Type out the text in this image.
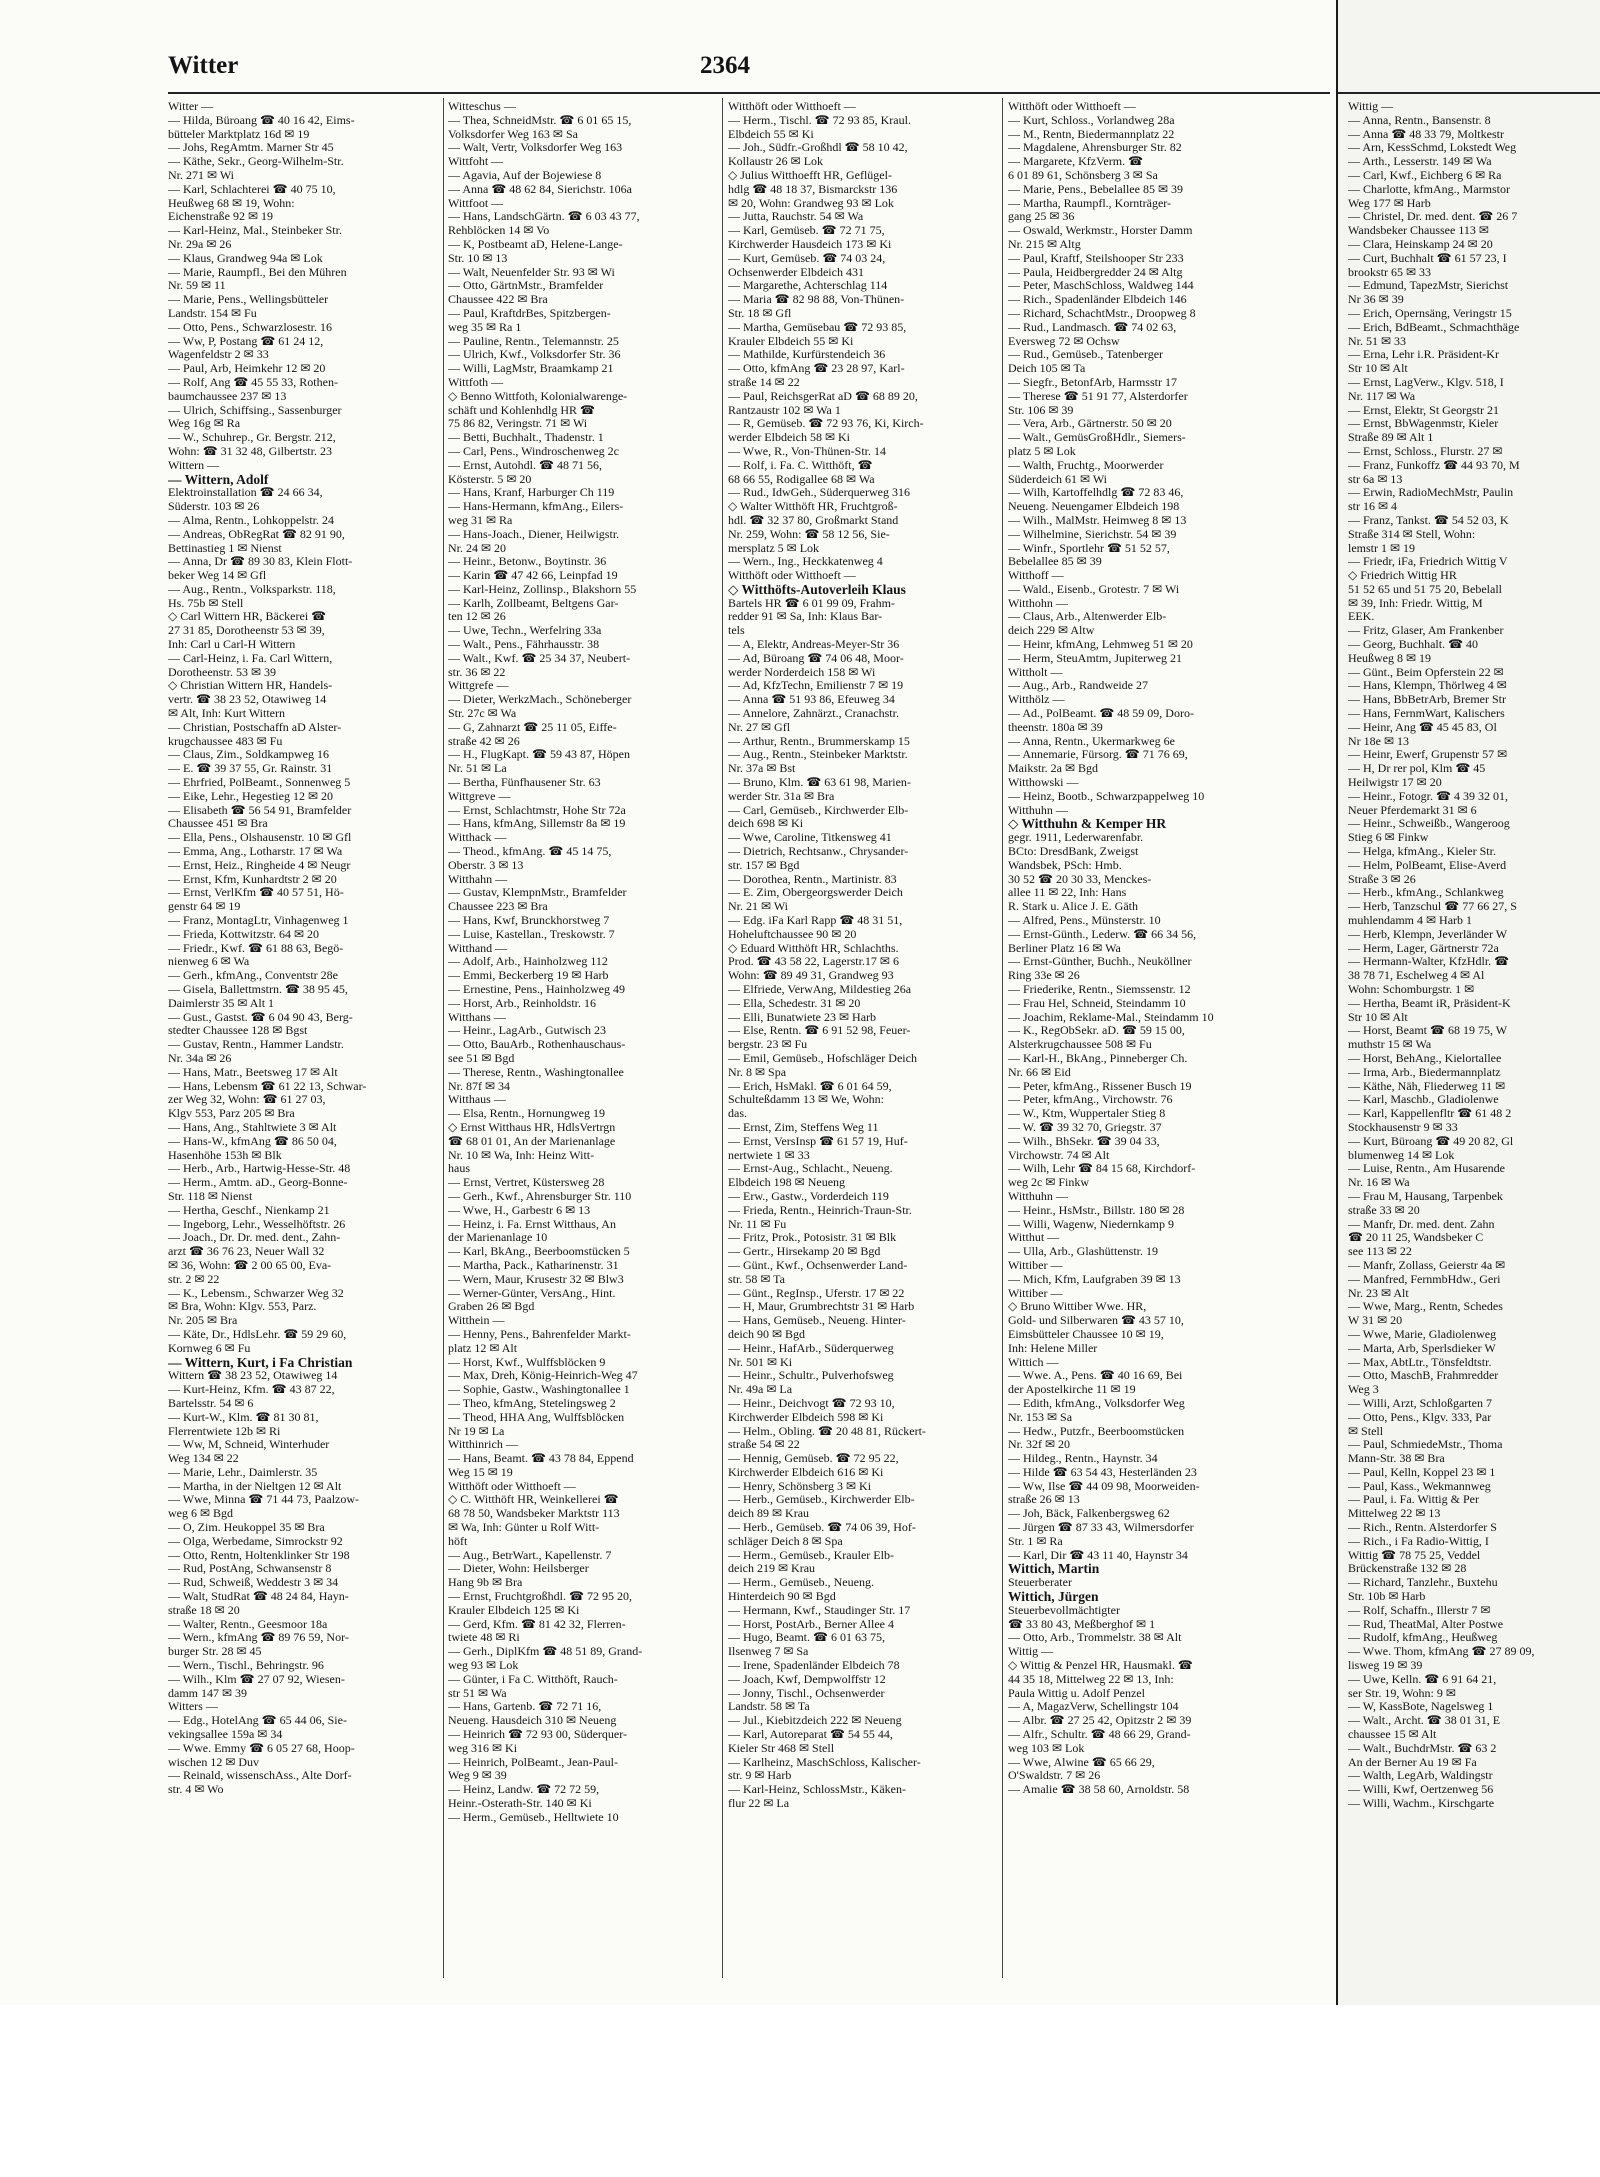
Witter	2364
Witter —
— Hilda, Büroang ☎ 40 16 42, Eims-
bütteler Marktplatz 16d ✉ 19
— Johs, RegAmtm. Marner Str 45
— Käthe, Sekr., Georg-Wilhelm-Str.
Nr. 271 ✉ Wi
— Karl, Schlachterei ☎ 40 75 10,
Heußweg 68 ✉ 19, Wohn:
Eichenstraße 92 ✉ 19
— Karl-Heinz, Mal., Steinbeker Str.
Nr. 29a ✉ 26
— Klaus, Grandweg 94a ✉ Lok
— Marie, Raumpfl., Bei den Mühren
Nr. 59 ✉ 11
— Marie, Pens., Wellingsbütteler
Landstr. 154 ✉ Fu
— Otto, Pens., Schwarzlosestr. 16
— Ww, P, Postang ☎ 61 24 12,
Wagenfeldstr 2 ✉ 33
— Paul, Arb, Heimkehr 12 ✉ 20
— Rolf, Ang ☎ 45 55 33, Rothen-
baumchaussee 237 ✉ 13
— Ulrich, Schiffsing., Sassenburger
Weg 16g ✉ Ra
— W., Schuhrep., Gr. Bergstr. 212,
Wohn: ☎ 31 32 48, Gilbertstr. 23
Wittern —
— Wittern, Adolf
Elektroinstallation ☎ 24 66 34,
Süderstr. 103 ✉ 26
— Alma, Rentn., Lohkoppelstr. 24
— Andreas, ObRegRat ☎ 82 91 90,
Bettinastieg 1 ✉ Nienst
— Anna, Dr ☎ 89 30 83, Klein Flott-
beker Weg 14 ✉ Gfl
— Aug., Rentn., Volksparkstr. 118,
Hs. 75b ✉ Stell
◇ Carl Wittern HR, Bäckerei ☎
27 31 85, Dorotheenstr 53 ✉ 39,
Inh: Carl u Carl-H Wittern
— Carl-Heinz, i. Fa. Carl Wittern,
Dorotheenstr. 53 ✉ 39
◇ Christian Wittern HR, Handels-
vertr. ☎ 38 23 52, Otawiweg 14
✉ Alt, Inh: Kurt Wittern
— Christian, Postschaffn aD Alster-
krugchaussee 483 ✉ Fu
— Claus, Zim., Soldkampweg 16
— E. ☎ 39 37 55, Gr. Rainstr. 31
— Ehrfried, PolBeamt., Sonnenweg 5
— Eike, Lehr., Hegestieg 12 ✉ 20
— Elisabeth ☎ 56 54 91, Bramfelder
Chaussee 451 ✉ Bra
— Ella, Pens., Olshausenstr. 10 ✉ Gfl
— Emma, Ang., Lotharstr. 17 ✉ Wa
— Ernst, Heiz., Ringheide 4 ✉ Neugr
— Ernst, Kfm, Kunhardtstr 2 ✉ 20
— Ernst, VerlKfm ☎ 40 57 51, Hö-
genstr 64 ✉ 19
— Franz, MontagLtr, Vinhagenweg 1
— Frieda, Kottwitzstr. 64 ✉ 20
— Friedr., Kwf. ☎ 61 88 63, Begö-
nienweg 6 ✉ Wa
— Gerh., kfmAng., Conventstr 28e
— Gisela, Ballettmstrn. ☎ 38 95 45,
Daimlerstr 35 ✉ Alt 1
— Gust., Gastst. ☎ 6 04 90 43, Berg-
stedter Chaussee 128 ✉ Bgst
— Gustav, Rentn., Hammer Landstr.
Nr. 34a ✉ 26
— Hans, Matr., Beetsweg 17 ✉ Alt
— Hans, Lebensm ☎ 61 22 13, Schwar-
zer Weg 32, Wohn: ☎ 61 27 03,
Klgv 553, Parz 205 ✉ Bra
— Hans, Ang., Stahltwiete 3 ✉ Alt
— Hans-W., kfmAng ☎ 86 50 04,
Hasenhöhe 153h ✉ Blk
— Herb., Arb., Hartwig-Hesse-Str. 48
— Herm., Amtm. aD., Georg-Bonne-
Str. 118 ✉ Nienst
— Hertha, Geschf., Nienkamp 21
— Ingeborg, Lehr., Wesselhöftstr. 26
— Joach., Dr. Dr. med. dent., Zahn-
arzt ☎ 36 76 23, Neuer Wall 32
✉ 36, Wohn: ☎ 2 00 65 00, Eva-
str. 2 ✉ 22
— K., Lebensm., Schwarzer Weg 32
✉ Bra, Wohn: Klgv. 553, Parz.
Nr. 205 ✉ Bra
— Käte, Dr., HdlsLehr. ☎ 59 29 60,
Kornweg 6 ✉ Fu
— Wittern, Kurt, i Fa Christian
Wittern ☎ 38 23 52, Otawiweg 14
— Kurt-Heinz, Kfm. ☎ 43 87 22,
Bartelsstr. 54 ✉ 6
— Kurt-W., Klm. ☎ 81 30 81,
Flerrentwiete 12b ✉ Ri
— Ww, M, Schneid, Winterhuder
Weg 134 ✉ 22
— Marie, Lehr., Daimlerstr. 35
— Martha, in der Nieltgen 12 ✉ Alt
— Wwe, Minna ☎ 71 44 73, Paalzow-
weg 6 ✉ Bgd
— O, Zim. Heukoppel 35 ✉ Bra
— Olga, Werbedame, Simrockstr 92
— Otto, Rentn, Holtenklinker Str 198
— Rud, PostAng, Schwansenstr 8
— Rud, Schweiß, Weddestr 3 ✉ 34
— Walt, StudRat ☎ 48 24 84, Hayn-
straße 18 ✉ 20
— Walter, Rentn., Geesmoor 18a
— Wern., kfmAng ☎ 89 76 59, Nor-
burger Str. 28 ✉ 45
— Wern., Tischl., Behringstr. 96
— Wilh., Klm ☎ 27 07 92, Wiesen-
damm 147 ✉ 39
Witters —
— Edg., HotelAng ☎ 65 44 06, Sie-
vekingsallee 159a ✉ 34
— Wwe. Emmy ☎ 6 05 27 68, Hoop-
wischen 12 ✉ Duv
— Reinald, wissenschAss., Alte Dorf-
str. 4 ✉ Wo
Witteschus —
— Thea, SchneidMstr. ☎ 6 01 65 15,
Volksdorfer Weg 163 ✉ Sa
— Walt, Vertr, Volksdorfer Weg 163
Wittfoht —
— Agavia, Auf der Bojewiese 8
— Anna ☎ 48 62 84, Sierichstr. 106a
Wittfoot —
— Hans, LandschGärtn. ☎ 6 03 43 77,
Rehblöcken 14 ✉ Vo
— K, Postbeamt aD, Helene-Lange-
Str. 10 ✉ 13
— Walt, Neuenfelder Str. 93 ✉ Wi
— Otto, GärtnMstr., Bramfelder
Chaussee 422 ✉ Bra
— Paul, KraftdrBes, Spitzbergen-
weg 35 ✉ Ra 1
— Pauline, Rentn., Telemannstr. 25
— Ulrich, Kwf., Volksdorfer Str. 36
— Willi, LagMstr, Braamkamp 21
Wittfoth —
◇ Benno Wittfoth, Kolonialwarenge-
schäft und Kohlenhdlg HR ☎
75 86 82, Veringstr. 71 ✉ Wi
— Betti, Buchhalt., Thadenstr. 1
— Carl, Pens., Windroschenweg 2c
— Ernst, Autohdl. ☎ 48 71 56,
Kösterstr. 5 ✉ 20
— Hans, Kranf, Harburger Ch 119
— Hans-Hermann, kfmAng., Eilers-
weg 31 ✉ Ra
— Hans-Joach., Diener, Heilwigstr.
Nr. 24 ✉ 20
— Heinr., Betonw., Boytinstr. 36
— Karin ☎ 47 42 66, Leinpfad 19
— Karl-Heinz, Zollinsp., Blakshorn 55
— Karlh, Zollbeamt, Beltgens Gar-
ten 12 ✉ 26
— Uwe, Techn., Werfelring 33a
— Walt., Pens., Fährhausstr. 38
— Walt., Kwf. ☎ 25 34 37, Neubert-
str. 36 ✉ 22
Wittgrefe —
— Dieter, WerkzMach., Schöneberger
Str. 27c ✉ Wa
— G, Zahnarzt ☎ 25 11 05, Eiffe-
straße 42 ✉ 26
— H., FlugKapt. ☎ 59 43 87, Höpen
Nr. 51 ✉ La
— Bertha, Fünfhausener Str. 63
Wittgreve —
— Ernst, Schlachtmstr, Hohe Str 72a
— Hans, kfmAng, Sillemstr 8a ✉ 19
Witthack —
— Theod., kfmAng. ☎ 45 14 75,
Oberstr. 3 ✉ 13
Witthahn —
— Gustav, KlempnMstr., Bramfelder
Chaussee 223 ✉ Bra
— Hans, Kwf, Brunckhorstweg 7
— Luise, Kastellan., Treskowstr. 7
Witthand —
— Adolf, Arb., Hainholzweg 112
— Emmi, Beckerberg 19 ✉ Harb
— Ernestine, Pens., Hainholzweg 49
— Horst, Arb., Reinholdstr. 16
Witthans —
— Heinr., LagArb., Gutwisch 23
— Otto, BauArb., Rothenhauschaus-
see 51 ✉ Bgd
— Therese, Rentn., Washingtonallee
Nr. 87f ✉ 34
Witthaus —
— Elsa, Rentn., Hornungweg 19
◇ Ernst Witthaus HR, HdlsVertrgn
☎ 68 01 01, An der Marienanlage
Nr. 10 ✉ Wa, Inh: Heinz Witt-
haus
— Ernst, Vertret, Küstersweg 28
— Gerh., Kwf., Ahrensburger Str. 110
— Wwe, H., Garbestr 6 ✉ 13
— Heinz, i. Fa. Ernst Witthaus, An
der Marienanlage 10
— Karl, BkAng., Beerboomstücken 5
— Martha, Pack., Katharinenstr. 31
— Wern, Maur, Krusestr 32 ✉ Blw3
— Werner-Günter, VersAng., Hint.
Graben 26 ✉ Bgd
Witthein —
— Henny, Pens., Bahrenfelder Markt-
platz 12 ✉ Alt
— Horst, Kwf., Wulffsblöcken 9
— Max, Dreh, König-Heinrich-Weg 47
— Sophie, Gastw., Washingtonallee 1
— Theo, kfmAng, Stetelingsweg 2
— Theod, HHA Ang, Wulffsblöcken
Nr 19 ✉ La
Witthinrich —
— Hans, Beamt. ☎ 43 78 84, Eppend
Weg 15 ✉ 19
Witthöft oder Witthoeft —
◇ C. Witthöft HR, Weinkellerei ☎
68 78 50, Wandsbeker Marktstr 113
✉ Wa, Inh: Günter u Rolf Witt-
höft
— Aug., BetrWart., Kapellenstr. 7
— Dieter, Wohn: Heilsberger
Hang 9b ✉ Bra
— Ernst, Fruchtgroßhdl. ☎ 72 95 20,
Krauler Elbdeich 125 ✉ Ki
— Gerd, Kfm. ☎ 81 42 32, Flerren-
twiete 48 ✉ Ri
— Gerh., DiplKfm ☎ 48 51 89, Grand-
weg 93 ✉ Lok
— Günter, i Fa C. Witthöft, Rauch-
str 51 ✉ Wa
— Hans, Gartenb. ☎ 72 71 16,
Neueng. Hausdeich 310 ✉ Neueng
— Heinrich ☎ 72 93 00, Süderquer-
weg 316 ✉ Ki
— Heinrich, PolBeamt., Jean-Paul-
Weg 9 ✉ 39
— Heinz, Landw. ☎ 72 72 59,
Heinr.-Osterath-Str. 140 ✉ Ki
— Herm., Gemüseb., Helltwiete 10
Witthöft oder Witthoeft —
— Herm., Tischl. ☎ 72 93 85, Kraul.
Elbdeich 55 ✉ Ki
— Joh., Südfr.-Großhdl ☎ 58 10 42,
Kollaustr 26 ✉ Lok
◇ Julius Witthoefft HR, Geflügel-
hdlg ☎ 48 18 37, Bismarckstr 136
✉ 20, Wohn: Grandweg 93 ✉ Lok
— Jutta, Rauchstr. 54 ✉ Wa
— Karl, Gemüseb. ☎ 72 71 75,
Kirchwerder Hausdeich 173 ✉ Ki
— Kurt, Gemüseb. ☎ 74 03 24,
Ochsenwerder Elbdeich 431
— Margarethe, Achterschlag 114
— Maria ☎ 82 98 88, Von-Thünen-
Str. 18 ✉ Gfl
— Martha, Gemüsebau ☎ 72 93 85,
Krauler Elbdeich 55 ✉ Ki
— Mathilde, Kurfürstendeich 36
— Otto, kfmAng ☎ 23 28 97, Karl-
straße 14 ✉ 22
— Paul, ReichsgerRat aD ☎ 68 89 20,
Rantzaustr 102 ✉ Wa 1
— R, Gemüseb. ☎ 72 93 76, Ki, Kirch-
werder Elbdeich 58 ✉ Ki
— Wwe, R., Von-Thünen-Str. 14
— Rolf, i. Fa. C. Witthöft, ☎
68 66 55, Rodigallee 68 ✉ Wa
— Rud., IdwGeh., Süderquerweg 316
◇ Walter Witthöft HR, Fruchtgroß-
hdl. ☎ 32 37 80, Großmarkt Stand
Nr. 259, Wohn: ☎ 58 12 56, Sie-
mersplatz 5 ✉ Lok
— Wern., Ing., Heckkatenweg 4
Witthöft oder Witthoeft —
◇ Witthöfts-Autoverleih Klaus
Bartels HR ☎ 6 01 99 09, Frahm-
redder 91 ✉ Sa, Inh: Klaus Bar-
tels
— A, Elektr, Andreas-Meyer-Str 36
— Ad, Büroang ☎ 74 06 48, Moor-
werder Norderdeich 158 ✉ Wi
— Ad, KfzTechn, Emilienstr 7 ✉ 19
— Anna ☎ 51 93 86, Efeuweg 34
— Annelore, Zahnärzt., Cranachstr.
Nr. 27 ✉ Gfl
— Arthur, Rentn., Brummerskamp 15
— Aug., Rentn., Steinbeker Marktstr.
Nr. 37a ✉ Bst
— Bruno, Klm. ☎ 63 61 98, Marien-
werder Str. 31a ✉ Bra
— Carl, Gemüseb., Kirchwerder Elb-
deich 698 ✉ Ki
— Wwe, Caroline, Titkensweg 41
— Dietrich, Rechtsanw., Chrysander-
str. 157 ✉ Bgd
— Dorothea, Rentn., Martinistr. 83
— E. Zim, Obergeorgswerder Deich
Nr. 21 ✉ Wi
— Edg. iFa Karl Rapp ☎ 48 31 51,
Hoheluftchaussee 90 ✉ 20
◇ Eduard Witthöft HR, Schlachths.
Prod. ☎ 43 58 22, Lagerstr.17 ✉ 6
Wohn: ☎ 89 49 31, Grandweg 93
— Elfriede, VerwAng, Mildestieg 26a
— Ella, Schedestr. 31 ✉ 20
— Elli, Bunatwiete 23 ✉ Harb
— Else, Rentn. ☎ 6 91 52 98, Feuer-
bergstr. 23 ✉ Fu
— Emil, Gemüseb., Hofschläger Deich
Nr. 8 ✉ Spa
— Erich, HsMakl. ☎ 6 01 64 59,
Schulteßdamm 13 ✉ We, Wohn:
das.
— Ernst, Zim, Steffens Weg 11
— Ernst, VersInsp ☎ 61 57 19, Huf-
nertwiete 1 ✉ 33
— Ernst-Aug., Schlacht., Neueng.
Elbdeich 198 ✉ Neueng
— Erw., Gastw., Vorderdeich 119
— Frieda, Rentn., Heinrich-Traun-Str.
Nr. 11 ✉ Fu
— Fritz, Prok., Potosistr. 31 ✉ Blk
— Gertr., Hirsekamp 20 ✉ Bgd
— Günt., Kwf., Ochsenwerder Land-
str. 58 ✉ Ta
— Günt., RegInsp., Uferstr. 17 ✉ 22
— H, Maur, Grumbrechtstr 31 ✉ Harb
— Hans, Gemüseb., Neueng. Hinter-
deich 90 ✉ Bgd
— Heinr., HafArb., Süderquerweg
Nr. 501 ✉ Ki
— Heinr., Schultr., Pulverhofsweg
Nr. 49a ✉ La
— Heinr., Deichvogt ☎ 72 93 10,
Kirchwerder Elbdeich 598 ✉ Ki
— Helm., Obling. ☎ 20 48 81, Rückert-
straße 54 ✉ 22
— Hennig, Gemüseb. ☎ 72 95 22,
Kirchwerder Elbdeich 616 ✉ Ki
— Henry, Schönsberg 3 ✉ Ki
— Herb., Gemüseb., Kirchwerder Elb-
deich 89 ✉ Krau
— Herb., Gemüseb. ☎ 74 06 39, Hof-
schläger Deich 8 ✉ Spa
— Herm., Gemüseb., Krauler Elb-
deich 219 ✉ Krau
— Herm., Gemüseb., Neueng.
Hinterdeich 90 ✉ Bgd
— Hermann, Kwf., Staudinger Str. 17
— Horst, PostArb., Berner Allee 4
— Hugo, Beamt. ☎ 6 01 63 75,
Ilsenweg 7 ✉ Sa
— Irene, Spadenländer Elbdeich 78
— Joach, Kwf, Dempwolffstr 12
— Jonny, Tischl., Ochsenwerder
Landstr. 58 ✉ Ta
— Jul., Kiebitzdeich 222 ✉ Neueng
— Karl, Autoreparat ☎ 54 55 44,
Kieler Str 468 ✉ Stell
— Karlheinz, MaschSchloss, Kalischer-
str. 9 ✉ Harb
— Karl-Heinz, SchlossMstr., Käken-
flur 22 ✉ La
Witthöft oder Witthoeft —
— Kurt, Schloss., Vorlandweg 28a
— M., Rentn, Biedermannplatz 22
— Magdalene, Ahrensburger Str. 82
— Margarete, KfzVerm. ☎
6 01 89 61, Schönsberg 3 ✉ Sa
— Marie, Pens., Bebelallee 85 ✉ 39
— Martha, Raumpfl., Kornträger-
gang 25 ✉ 36
— Oswald, Werkmstr., Horster Damm
Nr. 215 ✉ Altg
— Paul, Kraftf, Steilshooper Str 233
— Paula, Heidbergredder 24 ✉ Altg
— Peter, MaschSchloss, Waldweg 144
— Rich., Spadenländer Elbdeich 146
— Richard, SchachtMstr., Droopweg 8
— Rud., Landmasch. ☎ 74 02 63,
Eversweg 72 ✉ Ochsw
— Rud., Gemüseb., Tatenberger
Deich 105 ✉ Ta
— Siegfr., BetonfArb, Harmsstr 17
— Therese ☎ 51 91 77, Alsterdorfer
Str. 106 ✉ 39
— Vera, Arb., Gärtnerstr. 50 ✉ 20
— Walt., GemüsGroßHdlr., Siemers-
platz 5 ✉ Lok
— Walth, Fruchtg., Moorwerder
Süderdeich 61 ✉ Wi
— Wilh, Kartoffelhdlg ☎ 72 83 46,
Neueng. Neuengamer Elbdeich 198
— Wilh., MalMstr. Heimweg 8 ✉ 13
— Wilhelmine, Sierichstr. 54 ✉ 39
— Winfr., Sportlehr ☎ 51 52 57,
Bebelallee 85 ✉ 39
Witthoff —
— Wald., Eisenb., Grotestr. 7 ✉ Wi
Witthohn —
— Claus, Arb., Altenwerder Elb-
deich 229 ✉ Altw
— Heinr, kfmAng, Lehmweg 51 ✉ 20
— Herm, SteuAmtm, Jupiterweg 21
Wittholt —
— Aug., Arb., Randweide 27
Witthölz —
— Ad., PolBeamt. ☎ 48 59 09, Doro-
theenstr. 180a ✉ 39
— Anna, Rentn., Ukermarkweg 6e
— Annemarie, Fürsorg. ☎ 71 76 69,
Maikstr. 2a ✉ Bgd
Witthowski —
— Heinz, Bootb., Schwarzpappelweg 10
Witthuhn —
◇ Witthuhn & Kemper HR
gegr. 1911, Lederwarenfabr.
BCto: DresdBank, Zweigst
Wandsbek, PSch: Hmb.
30 52 ☎ 20 30 33, Menckes-
allee 11 ✉ 22, Inh: Hans
R. Stark u. Alice J. E. Gäth
— Alfred, Pens., Münsterstr. 10
— Ernst-Günth., Lederw. ☎ 66 34 56,
Berliner Platz 16 ✉ Wa
— Ernst-Günther, Buchh., Neuköllner
Ring 33e ✉ 26
— Friederike, Rentn., Siemssenstr. 12
— Frau Hel, Schneid, Steindamm 10
— Joachim, Reklame-Mal., Steindamm 10
— K., RegObSekr. aD. ☎ 59 15 00,
Alsterkrugchaussee 508 ✉ Fu
— Karl-H., BkAng., Pinneberger Ch.
Nr. 66 ✉ Eid
— Peter, kfmAng., Rissener Busch 19
— Peter, kfmAng., Virchowstr. 76
— W., Ktm, Wuppertaler Stieg 8
— W. ☎ 39 32 70, Griegstr. 37
— Wilh., BhSekr. ☎ 39 04 33,
Virchowstr. 74 ✉ Alt
— Wilh, Lehr ☎ 84 15 68, Kirchdorf-
weg 2c ✉ Finkw
Witthuhn —
— Heinr., HsMstr., Billstr. 180 ✉ 28
— Willi, Wagenw, Niedernkamp 9
Witthut —
— Ulla, Arb., Glashüttenstr. 19
Wittiber —
— Mich, Kfm, Laufgraben 39 ✉ 13
Wittiber —
◇ Bruno Wittiber Wwe. HR,
Gold- und Silberwaren ☎ 43 57 10,
Eimsbütteler Chaussee 10 ✉ 19,
Inh: Helene Miller
Wittich —
— Wwe. A., Pens. ☎ 40 16 69, Bei
der Apostelkirche 11 ✉ 19
— Edith, kfmAng., Volksdorfer Weg
Nr. 153 ✉ Sa
— Hedw., Putzfr., Beerboomstücken
Nr. 32f ✉ 20
— Hildeg., Rentn., Haynstr. 34
— Hilde ☎ 63 54 43, Hesterländen 23
— Ww, Ilse ☎ 44 09 98, Moorweiden-
straße 26 ✉ 13
— Joh, Bäck, Falkenbergsweg 62
— Jürgen ☎ 87 33 43, Wilmersdorfer
Str. 1 ✉ Ra
— Karl, Dir ☎ 43 11 40, Haynstr 34
Wittich, Martin
Steuerberater
Wittich, Jürgen
Steuerbevollmächtigter
☎ 33 80 43, Meßberghof ✉ 1
— Otto, Arb., Trommelstr. 38 ✉ Alt
Wittig —
◇ Wittig & Penzel HR, Hausmakl. ☎
44 35 18, Mittelweg 22 ✉ 13, Inh:
Paula Wittig u. Adolf Penzel
— A, MagazVerw, Schellingstr 104
— Albr. ☎ 27 25 42, Opitzstr 2 ✉ 39
— Alfr., Schultr. ☎ 48 66 29, Grand-
weg 103 ✉ Lok
— Wwe, Alwine ☎ 65 66 29,
O'Swaldstr. 7 ✉ 26
— Amalie ☎ 38 58 60, Arnoldstr. 58
Wittig —
— Anna, Rentn., Bansenstr. 8
— Anna ☎ 48 33 79, Moltkestr
— Arn, KessSchmd, Lokstedt Weg
— Arth., Lesserstr. 149 ✉ Wa
— Carl, Kwf., Eichberg 6 ✉ Ra
— Charlotte, kfmAng., Marmstor
Weg 177 ✉ Harb
— Christel, Dr. med. dent. ☎ 26 7
Wandsbeker Chaussee 113 ✉
— Clara, Heinskamp 24 ✉ 20
— Curt, Buchhalt ☎ 61 57 23, I
brookstr 65 ✉ 33
— Edmund, TapezMstr, Sierichst
Nr 36 ✉ 39
— Erich, Opernsäng, Veringstr 15
— Erich, BdBeamt., Schmachthäge
Nr. 51 ✉ 33
— Erna, Lehr i.R. Präsident-Kr
Str 10 ✉ Alt
— Ernst, LagVerw., Klgv. 518, I
Nr. 117 ✉ Wa
— Ernst, Elektr, St Georgstr 21
— Ernst, BbWagenmstr, Kieler
Straße 89 ✉ Alt 1
— Ernst, Schloss., Flurstr. 27 ✉
— Franz, Funkoffz ☎ 44 93 70, M
str 6a ✉ 13
— Erwin, RadioMechMstr, Paulin
str 16 ✉ 4
— Franz, Tankst. ☎ 54 52 03, K
Straße 314 ✉ Stell, Wohn:
lemstr 1 ✉ 19
— Friedr, iFa, Friedrich Wittig V
◇ Friedrich Wittig HR
51 52 65 und 51 75 20, Bebelall
✉ 39, Inh: Friedr. Wittig, M
EEK.
— Fritz, Glaser, Am Frankenber
— Georg, Buchhalt. ☎ 40
Heußweg 8 ✉ 19
— Günt., Beim Opferstein 22 ✉
— Hans, Klempn, Thörlweg 4 ✉
— Hans, BbBetrArb, Bremer Str
— Hans, FernmWart, Kalischers
— Heinr, Ang ☎ 45 45 83, Ol
Nr 18e ✉ 13
— Heinr, Ewerf, Grupenstr 57 ✉
— H, Dr rer pol, Klm ☎ 45
Heilwigstr 17 ✉ 20
— Heinr., Fotogr. ☎ 4 39 32 01,
Neuer Pferdemarkt 31 ✉ 6
— Heinr., Schweißb., Wangeroog
Stieg 6 ✉ Finkw
— Helga, kfmAng., Kieler Str.
— Helm, PolBeamt, Elise-Averd
Straße 3 ✉ 26
— Herb., kfmAng., Schlankweg
— Herb, Tanzschul ☎ 77 66 27, S
muhlendamm 4 ✉ Harb 1
— Herb, Klempn, Jeverländer W
— Herm, Lager, Gärtnerstr 72a
— Hermann-Walter, KfzHdlr. ☎
38 78 71, Eschelweg 4 ✉ Al
Wohn: Schomburgstr. 1 ✉
— Hertha, Beamt iR, Präsident-K
Str 10 ✉ Alt
— Horst, Beamt ☎ 68 19 75, W
muthstr 15 ✉ Wa
— Horst, BehAng., Kielortallee
— Irma, Arb., Biedermannplatz
— Käthe, Näh, Fliederweg 11 ✉
— Karl, Maschb., Gladiolenwe
— Karl, Kappellenfltr ☎ 61 48 2
Stockhausenstr 9 ✉ 33
— Kurt, Büroang ☎ 49 20 82, Gl
blumenweg 14 ✉ Lok
— Luise, Rentn., Am Husarende
Nr. 16 ✉ Wa
— Frau M, Hausang, Tarpenbek
straße 33 ✉ 20
— Manfr, Dr. med. dent. Zahn
☎ 20 11 25, Wandsbeker C
see 113 ✉ 22
— Manfr, Zollass, Geierstr 4a ✉
— Manfred, FernmbHdw., Geri
Nr. 23 ✉ Alt
— Wwe, Marg., Rentn, Schedes
W 31 ✉ 20
— Wwe, Marie, Gladiolenweg
— Marta, Arb, Sperlsdieker W
— Max, AbtLtr., Tönsfeldtstr.
— Otto, MaschB, Frahmredder
Weg 3
— Willi, Arzt, Schloßgarten 7
— Otto, Pens., Klgv. 333, Par
✉ Stell
— Paul, SchmiedeMstr., Thoma
Mann-Str. 38 ✉ Bra
— Paul, Kelln, Koppel 23 ✉ 1
— Paul, Kass., Wekmannweg
— Paul, i. Fa. Wittig & Per
Mittelweg 22 ✉ 13
— Rich., Rentn. Alsterdorfer S
— Rich., i Fa Radio-Wittig, I
Wittig ☎ 78 75 25, Veddel
Brückenstraße 132 ✉ 28
— Richard, Tanzlehr., Buxtehu
Str. 10b ✉ Harb
— Rolf, Schaffn., Illerstr 7 ✉
— Rud, TheatMal, Alter Postwe
— Rudolf, kfmAng., Heußweg
— Wwe. Thom, kfmAng ☎ 27 89 09,
lisweg 19 ✉ 39
— Uwe, Kelln. ☎ 6 91 64 21,
ser Str. 19, Wohn: 9 ✉
— W, KassBote, Nagelsweg 1
— Walt., Archt. ☎ 38 01 31, E
chaussee 15 ✉ Alt
— Walt., BuchdrMstr. ☎ 63 2
An der Berner Au 19 ✉ Fa
— Walth, LegArb, Waldingstr
— Willi, Kwf, Oertzenweg 56
— Willi, Wachm., Kirschgarte
